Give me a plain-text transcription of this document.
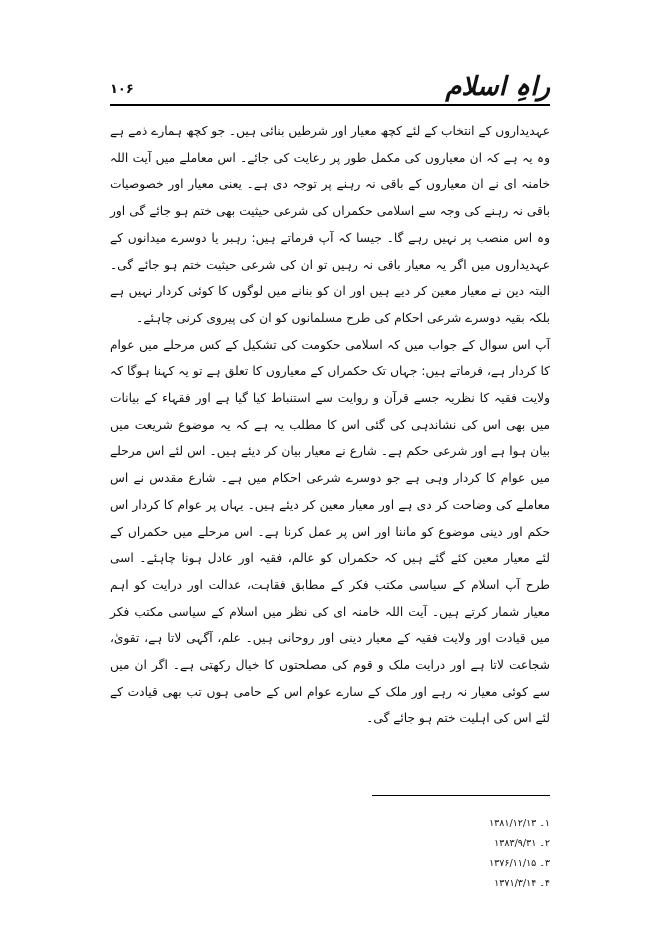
راہِ اسلام
۱۰۶

عہدیداروں کے انتخاب کے لئے کچھ معیار اور شرطیں بنائی ہیں۔ جو کچھ ہمارے ذمے ہے وہ یہ ہے کہ ان معیاروں کی مکمل طور پر رعایت کی جائے۔ اس معاملے میں آیت اللہ خامنہ ای نے ان معیاروں کے باقی نہ رہنے پر توجہ دی ہے۔ یعنی معیار اور خصوصیات باقی نہ رہنے کی وجہ سے اسلامی حکمراں کی شرعی حیثیت بھی ختم ہو جائے گی اور وہ اس منصب پر نہیں رہے گا۔ جیسا کہ آپ فرماتے ہیں: رہبر یا دوسرے میدانوں کے عہدیداروں میں اگر یہ معیار باقی نہ رہیں تو ان کی شرعی حیثیت ختم ہو جائے گی۔ البتہ دین نے معیار معین کر دیے ہیں اور ان کو بنانے میں لوگوں کا کوئی کردار نہیں ہے بلکہ بقیہ دوسرے شرعی احکام کی طرح مسلمانوں کو ان کی پیروی کرنی چاہئے۔

آپ اس سوال کے جواب میں کہ اسلامی حکومت کی تشکیل کے کس مرحلے میں عوام کا کردار ہے، فرماتے ہیں: جہاں تک حکمراں کے معیاروں کا تعلق ہے تو یہ کہنا ہوگا کہ ولایت فقیہ کا نظریہ جسے قرآن و روایت سے استنباط کیا گیا ہے اور فقہاء کے بیانات میں بھی اس کی نشاندہی کی گئی اس کا مطلب یہ ہے کہ یہ موضوع شریعت میں بیان ہوا ہے اور شرعی حکم ہے۔ شارع نے معیار بیان کر دیئے ہیں۔ اس لئے اس مرحلے میں عوام کا کردار وہی ہے جو دوسرے شرعی احکام میں ہے۔ شارع مقدس نے اس معاملے کی وضاحت کر دی ہے اور معیار معین کر دیئے ہیں۔ یہاں پر عوام کا کردار اس حکم اور دینی موضوع کو ماننا اور اس پر عمل کرنا ہے۔ اس مرحلے میں حکمراں کے لئے معیار معین کئے گئے ہیں کہ حکمراں کو عالم، فقیہ اور عادل ہونا چاہئے۔ اسی طرح آپ اسلام کے سیاسی مکتب فکر کے مطابق فقاہت، عدالت اور درایت کو اہم معیار شمار کرتے ہیں۔ آیت اللہ خامنہ ای کی نظر میں اسلام کے سیاسی مکتب فکر میں قیادت اور ولایت فقیہ کے معیار دینی اور روحانی ہیں۔ علم، آگہی لاتا ہے، تقویٰ، شجاعت لاتا ہے اور درایت ملک و قوم کی مصلحتوں کا خیال رکھتی ہے۔ اگر ان میں سے کوئی معیار نہ رہے اور ملک کے سارے عوام اس کے حامی ہوں تب بھی قیادت کے لئے اس کی اہلیت ختم ہو جائے گی۔

۱۔ ۱۳۸۱/۱۲/۱۳
۲۔ ۱۳۸۳/۹/۳۱
۳۔ ۱۳۷۶/۱۱/۱۵
۴۔ ۱۳۷۱/۳/۱۴
